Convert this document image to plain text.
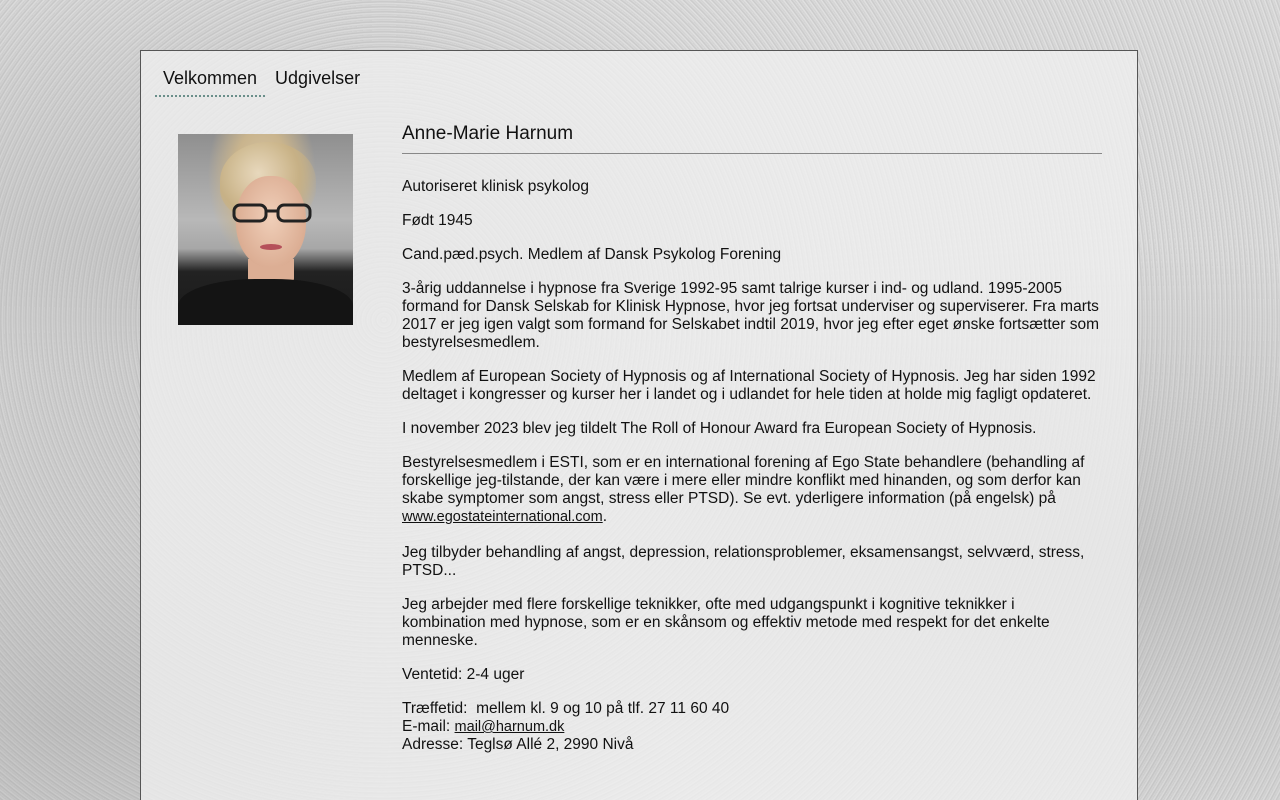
Velkommen	Udgivelser
Anne-Marie Harnum

Autoriseret klinisk psykolog

Født 1945

Cand.pæd.psych. Medlem af Dansk Psykolog Forening

3-årig uddannelse i hypnose fra Sverige 1992-95 samt talrige kurser i ind- og udland. 1995-2005 formand for Dansk Selskab for Klinisk Hypnose, hvor jeg fortsat underviser og superviserer. Fra marts 2017 er jeg igen valgt som formand for Selskabet indtil 2019, hvor jeg efter eget ønske fortsætter som bestyrelsesmedlem.

Medlem af European Society of Hypnosis og af International Society of Hypnosis. Jeg har siden 1992 deltaget i kongresser og kurser her i landet og i udlandet for hele tiden at holde mig fagligt opdateret.

I november 2023 blev jeg tildelt The Roll of Honour Award fra European Society of Hypnosis.

Bestyrelsesmedlem i ESTI, som er en international forening af Ego State behandlere (behandling af forskellige jeg-tilstande, der kan være i mere eller mindre konflikt med hinanden, og som derfor kan skabe symptomer som angst, stress eller PTSD). Se evt. yderligere information (på engelsk) på www.egostateinternational.com.

Jeg tilbyder behandling af angst, depression, relationsproblemer, eksamensangst, selvværd, stress, PTSD...

Jeg arbejder med flere forskellige teknikker, ofte med udgangspunkt i kognitive teknikker i kombination med hypnose, som er en skånsom og effektiv metode med respekt for det enkelte menneske.

Ventetid: 2-4 uger

Træffetid:  mellem kl. 9 og 10 på tlf. 27 11 60 40

E-mail: mail@harnum.dk

Adresse: Teglsø Allé 2, 2990 Nivå
